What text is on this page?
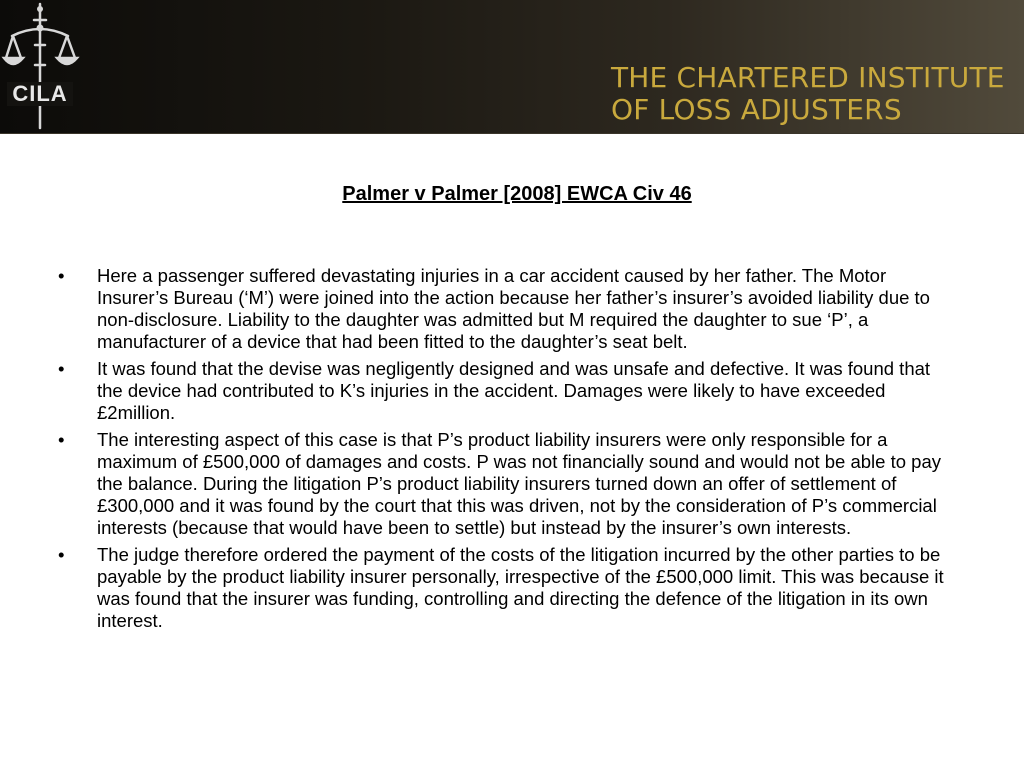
CILA	THE CHARTERED INSTITUTE
OF LOSS ADJUSTERS
Palmer v Palmer [2008] EWCA Civ 46
•	Here a passenger suffered devastating injuries in a car accident caused by her father. The Motor Insurer’s Bureau (‘M’) were joined into the action because her father’s insurer’s avoided liability due to non-disclosure. Liability to the daughter was admitted but M required the daughter to sue ‘P’, a manufacturer of a device that had been fitted to the daughter’s seat belt.
•	It was found that the devise was negligently designed and was unsafe and defective. It was found that the device had contributed to K’s injuries in the accident. Damages were likely to have exceeded £2million.
•	The interesting aspect of this case is that P’s product liability insurers were only responsible for a maximum of £500,000 of damages and costs. P was not financially sound and would not be able to pay the balance. During the litigation P’s product liability insurers turned down an offer of settlement of £300,000 and it was found by the court that this was driven, not by the consideration of P’s commercial interests (because that would have been to settle) but instead by the insurer’s own interests.
•	The judge therefore ordered the payment of the costs of the litigation incurred by the other parties to be payable by the product liability insurer personally, irrespective of the £500,000 limit. This was because it was found that the insurer was funding, controlling and directing the defence of the litigation in its own interest.
